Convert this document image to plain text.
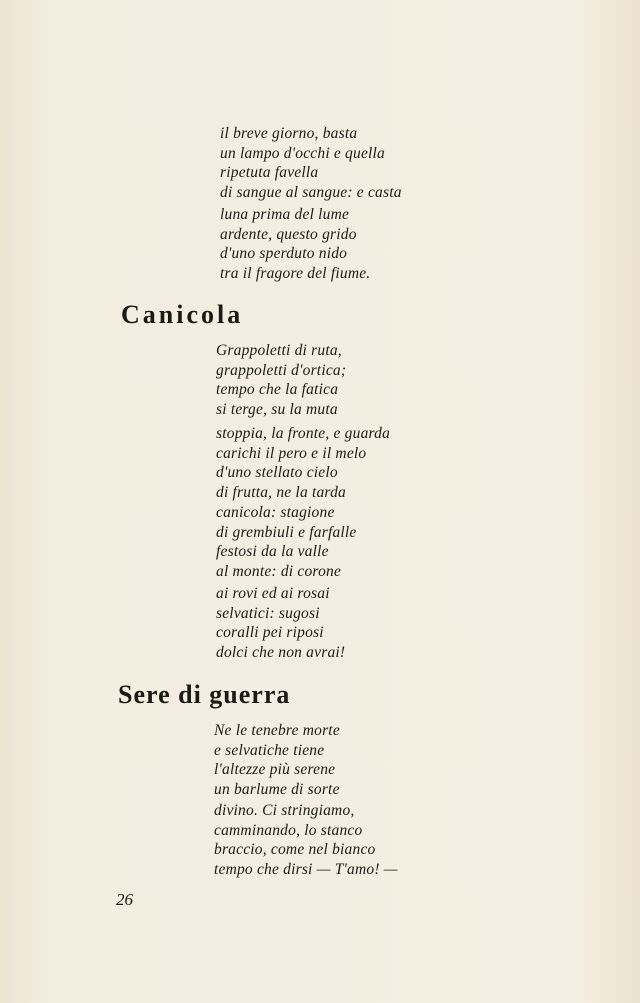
il breve giorno, basta
un lampo d'occhi e quella
ripetuta favella
di sangue al sangue: e casta
luna prima del lume
ardente, questo grido
d'uno sperduto nido
tra il fragore del fiume.
Canicola
Grappoletti di ruta,
grappoletti d'ortica;
tempo che la fatica
si terge, su la muta
stoppia, la fronte, e guarda
carichi il pero e il melo
d'uno stellato cielo
di frutta, ne la tarda
canicola: stagione
di grembiuli e farfalle
festosi da la valle
al monte: di corone
ai rovi ed ai rosai
selvatici: sugosi
coralli pei riposi
dolci che non avrai!
Sere di guerra
Ne le tenebre morte
e selvatiche tiene
l'altezze più serene
un barlume di sorte
divino. Ci stringiamo,
camminando, lo stanco
braccio, come nel bianco
tempo che dirsi — T'amo! —
26
